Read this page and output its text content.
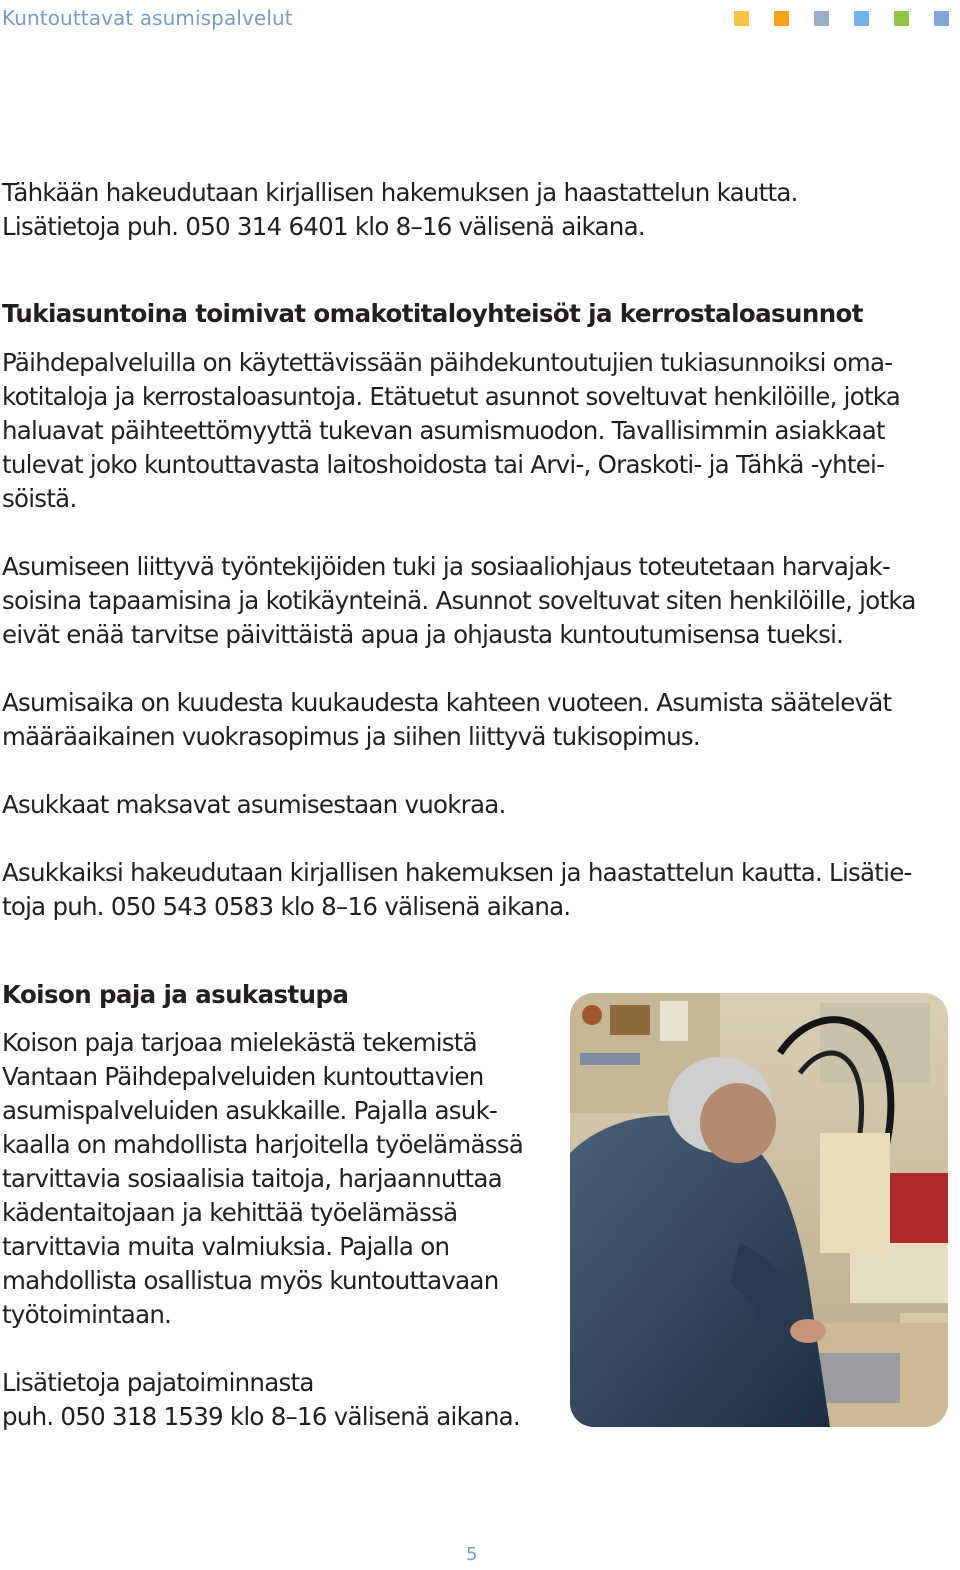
Kuntouttavat asumispalvelut
Tähkään hakeudutaan kirjallisen hakemuksen ja haastattelun kautta.
Lisätietoja puh. 050 314 6401 klo 8–16 välisenä aikana.
Tukiasuntoina toimivat omakotitaloyhteisöt ja kerrostaloasunnot
Päihdepalveluilla on käytettävissään päihdekuntoutujien tukiasunnoiksi oma-
kotitaloja ja kerrostaloasuntoja. Etätuetut asunnot soveltuvat henkilöille, jotka
haluavat päihteettömyyttä tukevan asumismuodon. Tavallisimmin asiakkaat
tulevat joko kuntouttavasta laitoshoidosta tai Arvi-, Oraskoti- ja Tähkä -yhtei-
söistä.
Asumiseen liittyvä työntekijöiden tuki ja sosiaaliohjaus toteutetaan harvajak-
soisina tapaamisina ja kotikäynteinä. Asunnot soveltuvat siten henkilöille, jotka
eivät enää tarvitse päivittäistä apua ja ohjausta kuntoutumisensa tueksi.
Asumisaika on kuudesta kuukaudesta kahteen vuoteen. Asumista säätelevät
määräaikainen vuokrasopimus ja siihen liittyvä tukisopimus.
Asukkaat maksavat asumisestaan vuokraa.
Asukkaiksi hakeudutaan kirjallisen hakemuksen ja haastattelun kautta. Lisätie-
toja puh. 050 543 0583 klo 8–16 välisenä aikana.
Koison paja ja asukastupa
Koison paja tarjoaa mielekästä tekemistä
Vantaan Päihdepalveluiden kuntouttavien
asumispalveluiden asukkaille. Pajalla asuk-
kaalla on mahdollista harjoitella työelämässä
tarvittavia sosiaalisia taitoja, harjaannuttaa
kädentaitojaan ja kehittää työelämässä
tarvittavia muita valmiuksia. Pajalla on
mahdollista osallistua myös kuntouttavaan
työtoimintaan.
Lisätietoja pajatoiminnasta
puh. 050 318 1539 klo 8–16 välisenä aikana.
5
